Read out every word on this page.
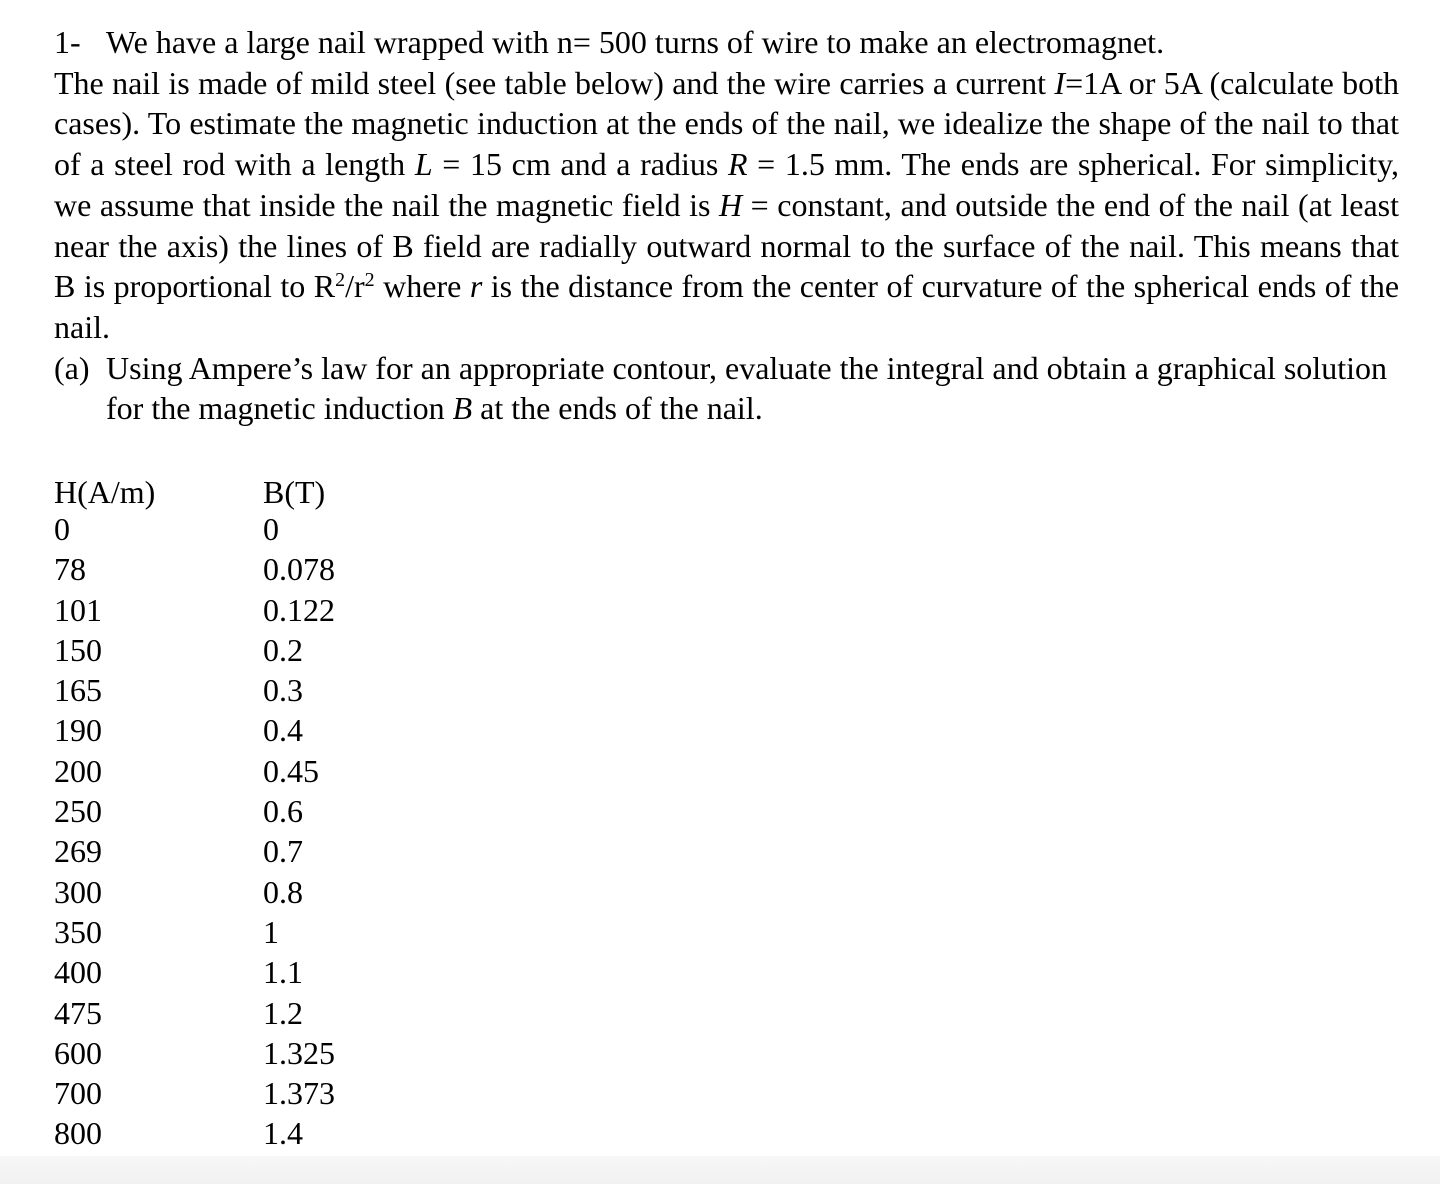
1- We have a large nail wrapped with n= 500 turns of wire to make an electromagnet.

The nail is made of mild steel (see table below) and the wire carries a current I=1A or 5A (calculate both cases). To estimate the magnetic induction at the ends of the nail, we idealize the shape of the nail to that of a steel rod with a length L = 15 cm and a radius R = 1.5 mm. The ends are spherical. For simplicity, we assume that inside the nail the magnetic field is H = constant, and outside the end of the nail (at least near the axis) the lines of B field are radially outward normal to the surface of the nail. This means that B is proportional to $R^2/r^2$ where r is the distance from the center of curvature of the spherical ends of the nail.

(a) Using Ampere’s law for an appropriate contour, evaluate the integral and obtain a graphical solution for the magnetic induction B at the ends of the nail.

H(A/m)	B(T)
0	0
78	0.078
101	0.122
150	0.2
165	0.3
190	0.4
200	0.45
250	0.6
269	0.7
300	0.8
350	1
400	1.1
475	1.2
600	1.325
700	1.373
800	1.4
